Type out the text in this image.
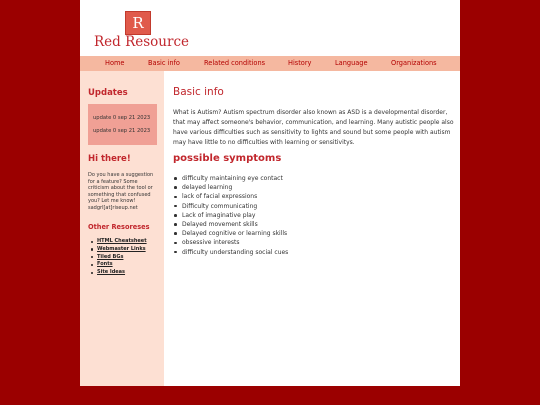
R
Red Resource
Home	Basic info	Related conditions	History	Language	Organizations
Updates
update 0 sep 21 2023
update 0 sep 21 2023
Hi there!
Do you have a suggestion for a feature? Some criticism about the tool or something that confused you? Let me know! sadgrl[at]riseup.net
Other Resoreses
HTML Cheatsheet
Webmaster Links
Tiled BGs
Fonts
Site Ideas
Basic info
What is Autism? Autism spectrum disorder also known as ASD is a developmental disorder, that may affect someone's behavior, communication, and learning. Many autistic people also have various difficulties such as sensitivity to lights and sound but some people with autism may have little to no difficulties with learning or sensitivitys.
possible symptoms
difficulty maintaining eye contact
delayed learning
lack of facial expressions
Difficulty communicating
Lack of imaginative play
Delayed movement skills
Delayed cognitive or learning skills
obsessive interests
difficulty understanding social cues
